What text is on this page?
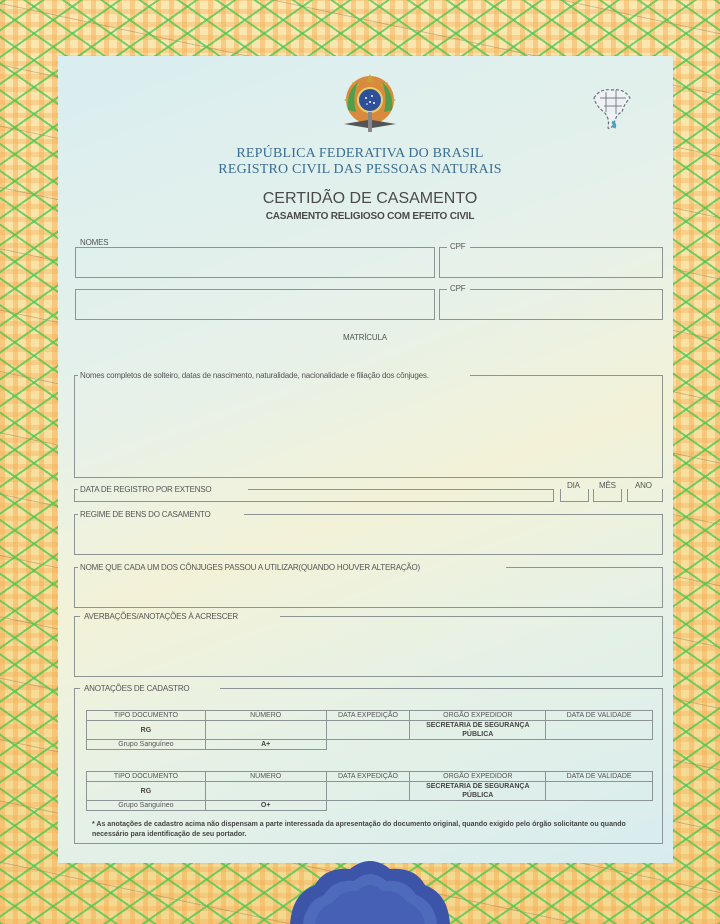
REPÚBLICA FEDERATIVA DO BRASIL
REGISTRO CIVIL DAS PESSOAS NATURAIS
CERTIDÃO DE CASAMENTO
CASAMENTO RELIGIOSO COM EFEITO CIVIL
NOMES	CPF
CPF
MATRÍCULA
Nomes completos de solteiro, datas de nascimento, naturalidade, nacionalidade e filiação dos cônjuges.
DATA DE REGISTRO POR EXTENSO	DIA MÊS ANO
REGIME DE BENS DO CASAMENTO
NOME QUE CADA UM DOS CÔNJUGES PASSOU A UTILIZAR(QUANDO HOUVER ALTERAÇÃO)
AVERBAÇÕES/ANOTAÇÕES À ACRESCER
ANOTAÇÕES DE CADASTRO
TIPO DOCUMENTO	NÚMERO	DATA EXPEDIÇÃO	ORGÃO EXPEDIDOR	DATA DE VALIDADE
RG			SECRETARIA DE SEGURANÇA PÚBLICA	
Grupo Sanguíneo	A+			
TIPO DOCUMENTO	NÚMERO	DATA EXPEDIÇÃO	ORGÃO EXPEDIDOR	DATA DE VALIDADE
RG			SECRETARIA DE SEGURANÇA PÚBLICA	
Grupo Sanguíneo	O+			
* As anotações de cadastro acima não dispensam a parte interessada da apresentação do documento original, quando exigido pelo órgão solicitante ou quando necessário para identificação de seu portador.
